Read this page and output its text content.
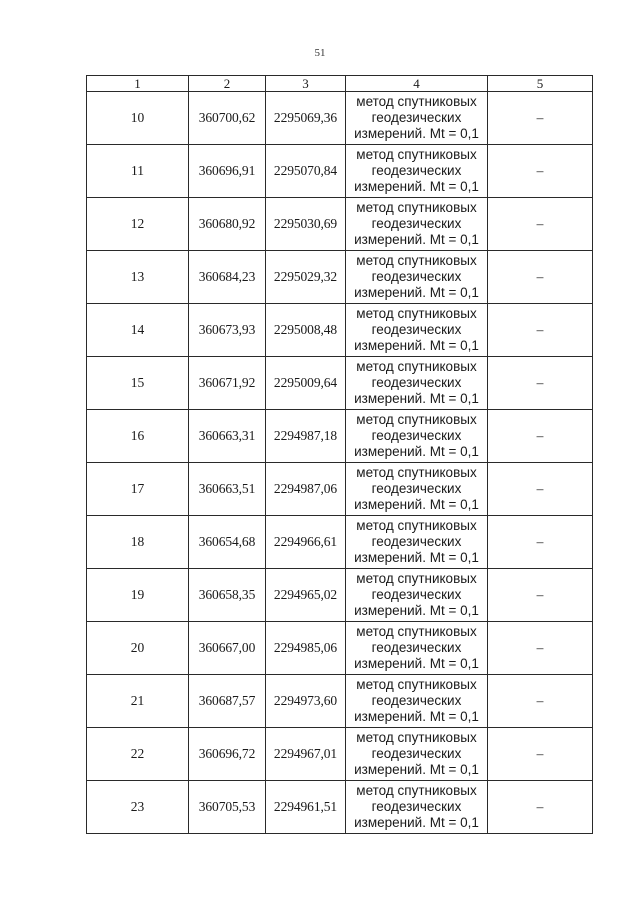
51
1	2	3	4	5
10	360700,62	2295069,36	метод спутниковых
геодезических
измерений. Mt = 0,1	–
11	360696,91	2295070,84	метод спутниковых
геодезических
измерений. Mt = 0,1	–
12	360680,92	2295030,69	метод спутниковых
геодезических
измерений. Mt = 0,1	–
13	360684,23	2295029,32	метод спутниковых
геодезических
измерений. Mt = 0,1	–
14	360673,93	2295008,48	метод спутниковых
геодезических
измерений. Mt = 0,1	–
15	360671,92	2295009,64	метод спутниковых
геодезических
измерений. Mt = 0,1	–
16	360663,31	2294987,18	метод спутниковых
геодезических
измерений. Mt = 0,1	–
17	360663,51	2294987,06	метод спутниковых
геодезических
измерений. Mt = 0,1	–
18	360654,68	2294966,61	метод спутниковых
геодезических
измерений. Mt = 0,1	–
19	360658,35	2294965,02	метод спутниковых
геодезических
измерений. Mt = 0,1	–
20	360667,00	2294985,06	метод спутниковых
геодезических
измерений. Mt = 0,1	–
21	360687,57	2294973,60	метод спутниковых
геодезических
измерений. Mt = 0,1	–
22	360696,72	2294967,01	метод спутниковых
геодезических
измерений. Mt = 0,1	–
23	360705,53	2294961,51	метод спутниковых
геодезических
измерений. Mt = 0,1	–
